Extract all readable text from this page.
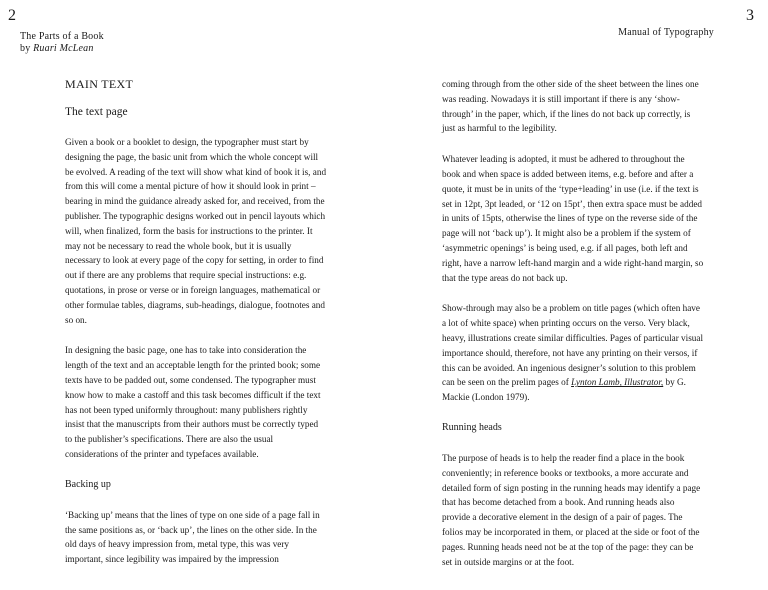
2
The Parts of a Book
by Ruari McLean
MAIN TEXT
The text page

Given a book or a booklet to design, the typographer must start by designing the page, the basic unit from which the whole concept will be evolved. A reading of the text will show what kind of book it is, and from this will come a mental picture of how it should look in print – bearing in mind the guidance already asked for, and received, from the publisher. The typographic designs worked out in pencil layouts which will, when finalized, form the basis for instructions to the printer. It may not be necessary to read the whole book, but it is usually necessary to look at every page of the copy for setting, in order to find out if there are any problems that require special instructions: e.g. quotations, in prose or verse or in foreign languages, mathematical or other formulae tables, diagrams, sub-headings, dialogue, footnotes and so on.

In designing the basic page, one has to take into consideration the length of the text and an acceptable length for the printed book; some texts have to be padded out, some condensed. The typographer must know how to make a castoff and this task becomes difficult if the text has not been typed uniformly throughout: many publishers rightly insist that the manuscripts from their authors must be correctly typed to the publisher’s specifications. There are also the usual considerations of the printer and typefaces available.

Backing up

‘Backing up’ means that the lines of type on one side of a page fall in the same positions as, or ‘back up’, the lines on the other side. In the old days of heavy impression from, metal type, this was very important, since legibility was impaired by the impression

3
Manual of Typography

coming through from the other side of the sheet between the lines one was reading. Nowadays it is still important if there is any ‘show-through’ in the paper, which, if the lines do not back up correctly, is just as harmful to the legibility.

Whatever leading is adopted, it must be adhered to throughout the book and when space is added between items, e.g. before and after a quote, it must be in units of the ‘type+leading’ in use (i.e. if the text is set in 12pt, 3pt leaded, or ‘12 on 15pt’, then extra space must be added in units of 15pts, otherwise the lines of type on the reverse side of the page will not ‘back up’). It might also be a problem if the system of ‘asymmetric openings’ is being used, e.g. if all pages, both left and right, have a narrow left-hand margin and a wide right-hand margin, so that the type areas do not back up.

Show-through may also be a problem on title pages (which often have a lot of white space) when printing occurs on the verso. Very black, heavy, illustrations create similar difficulties. Pages of particular visual importance should, therefore, not have any printing on their versos, if this can be avoided. An ingenious designer’s solution to this problem can be seen on the prelim pages of Lynton Lamb, Illustrator, by G. Mackie (London 1979).

Running heads

The purpose of heads is to help the reader find a place in the book conveniently; in reference books or textbooks, a more accurate and detailed form of sign posting in the running heads may identify a page that has become detached from a book. And running heads also provide a decorative element in the design of a pair of pages. The folios may be incorporated in them, or placed at the side or foot of the pages. Running heads need not be at the top of the page: they can be set in outside margins or at the foot.
